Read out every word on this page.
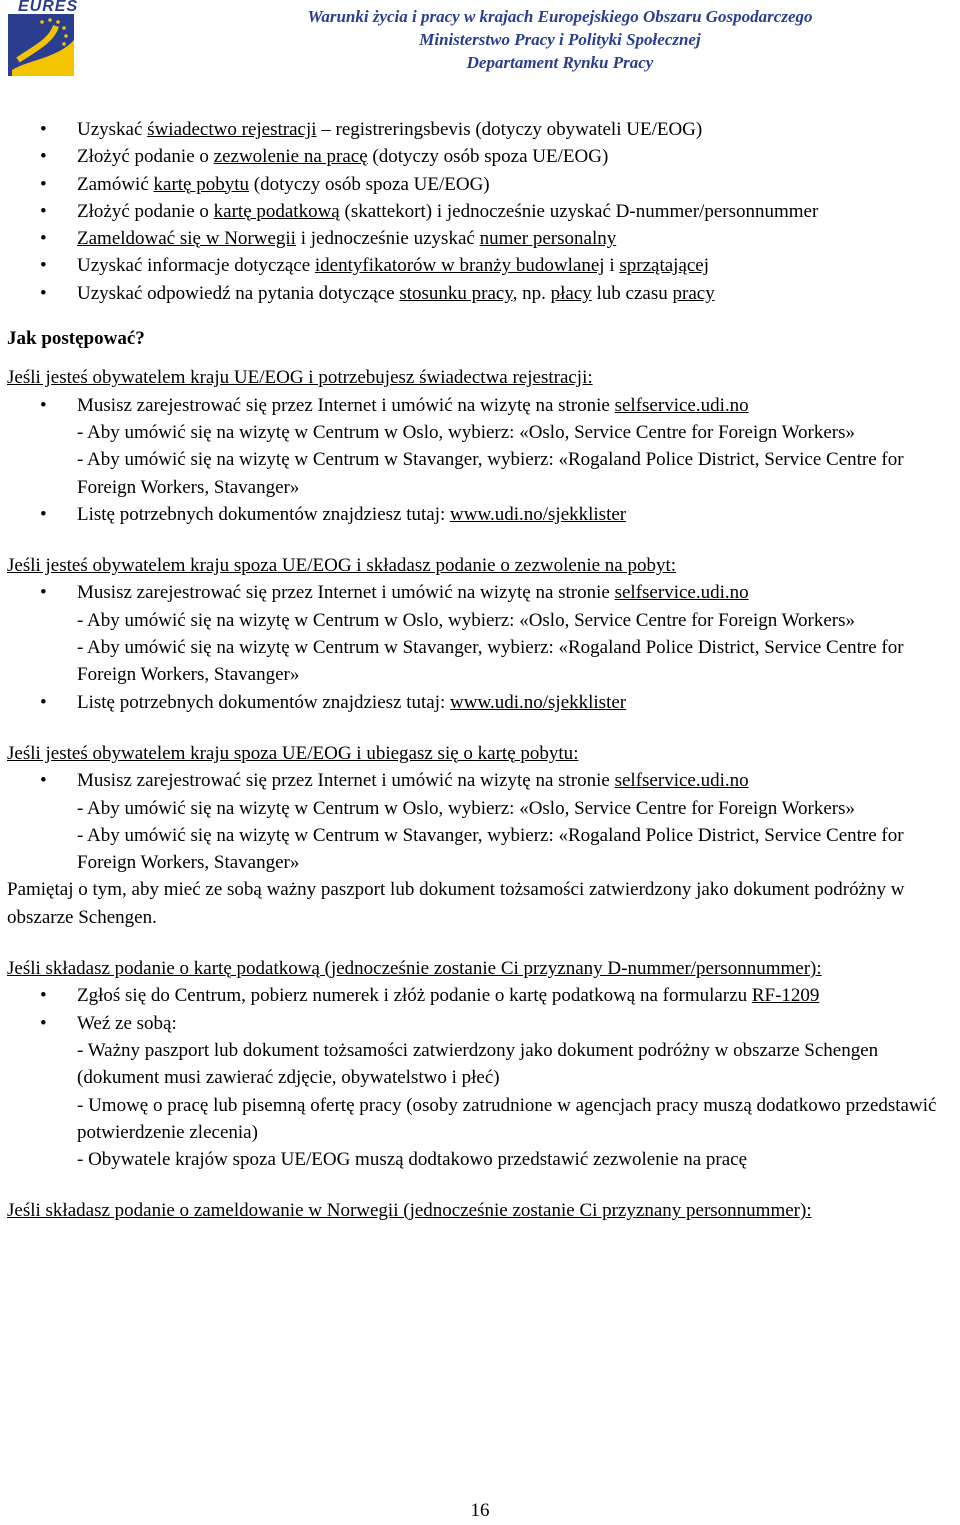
EURES
Warunki życia i pracy w krajach Europejskiego Obszaru Gospodarczego
Ministerstwo Pracy i Polityki Społecznej
Departament Rynku Pracy
• Uzyskać świadectwo rejestracji – registreringsbevis (dotyczy obywateli UE/EOG)
• Złożyć podanie o zezwolenie na pracę (dotyczy osób spoza UE/EOG)
• Zamówić kartę pobytu (dotyczy osób spoza UE/EOG)
• Złożyć podanie o kartę podatkową (skattekort) i jednocześnie uzyskać D-nummer/personnummer
• Zameldować się w Norwegii i jednocześnie uzyskać numer personalny
• Uzyskać informacje dotyczące identyfikatorów w branży budowlanej i sprzątającej
• Uzyskać odpowiedź na pytania dotyczące stosunku pracy, np. płacy lub czasu pracy
Jak postępować?
Jeśli jesteś obywatelem kraju UE/EOG i potrzebujesz świadectwa rejestracji:
• Musisz zarejestrować się przez Internet i umówić na wizytę na stronie selfservice.udi.no
- Aby umówić się na wizytę w Centrum w Oslo, wybierz: «Oslo, Service Centre for Foreign Workers»
- Aby umówić się na wizytę w Centrum w Stavanger, wybierz: «Rogaland Police District, Service Centre for Foreign Workers, Stavanger»
• Listę potrzebnych dokumentów znajdziesz tutaj: www.udi.no/sjekklister
Jeśli jesteś obywatelem kraju spoza UE/EOG i składasz podanie o zezwolenie na pobyt:
• Musisz zarejestrować się przez Internet i umówić na wizytę na stronie selfservice.udi.no
- Aby umówić się na wizytę w Centrum w Oslo, wybierz: «Oslo, Service Centre for Foreign Workers»
- Aby umówić się na wizytę w Centrum w Stavanger, wybierz: «Rogaland Police District, Service Centre for Foreign Workers, Stavanger»
• Listę potrzebnych dokumentów znajdziesz tutaj: www.udi.no/sjekklister
Jeśli jesteś obywatelem kraju spoza UE/EOG i ubiegasz się o kartę pobytu:
• Musisz zarejestrować się przez Internet i umówić na wizytę na stronie selfservice.udi.no
- Aby umówić się na wizytę w Centrum w Oslo, wybierz: «Oslo, Service Centre for Foreign Workers»
- Aby umówić się na wizytę w Centrum w Stavanger, wybierz: «Rogaland Police District, Service Centre for Foreign Workers, Stavanger»
Pamiętaj o tym, aby mieć ze sobą ważny paszport lub dokument tożsamości zatwierdzony jako dokument podróżny w obszarze Schengen.
Jeśli składasz podanie o kartę podatkową (jednocześnie zostanie Ci przyznany D-nummer/personnummer):
• Zgłoś się do Centrum, pobierz numerek i złóż podanie o kartę podatkową na formularzu RF-1209
• Weź ze sobą:
- Ważny paszport lub dokument tożsamości zatwierdzony jako dokument podróżny w obszarze Schengen (dokument musi zawierać zdjęcie, obywatelstwo i płeć)
- Umowę o pracę lub pisemną ofertę pracy (osoby zatrudnione w agencjach pracy muszą dodatkowo przedstawić potwierdzenie zlecenia)
- Obywatele krajów spoza UE/EOG muszą dodtakowo przedstawić zezwolenie na pracę
Jeśli składasz podanie o zameldowanie w Norwegii (jednocześnie zostanie Ci przyznany personnummer):
16
